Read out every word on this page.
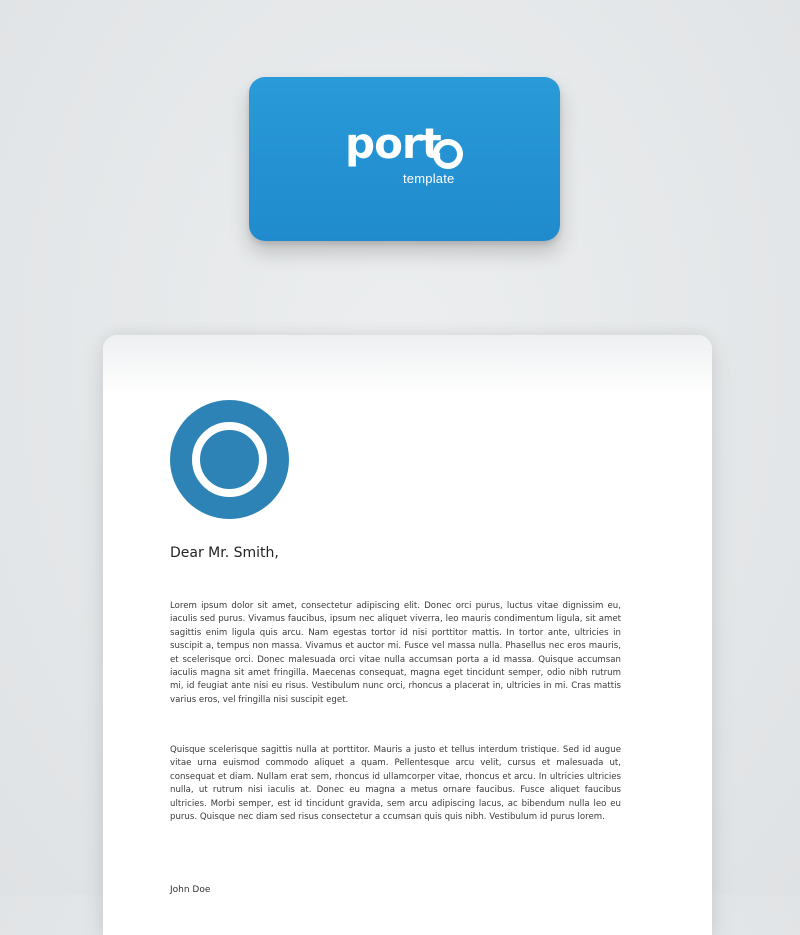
port
template
Dear Mr. Smith,

Lorem ipsum dolor sit amet, consectetur adipiscing elit. Donec orci purus, luctus vitae dignissim eu, iaculis sed purus. Vivamus faucibus, ipsum nec aliquet viverra, leo mauris condimentum ligula, sit amet sagittis enim ligula quis arcu. Nam egestas tortor id nisi porttitor mattis. In tortor ante, ultricies in suscipit a, tempus non massa. Vivamus et auctor mi. Fusce vel massa nulla. Phasellus nec eros mauris, et scelerisque orci. Donec malesuada orci vitae nulla accumsan porta a id massa. Quisque accumsan iaculis magna sit amet fringilla. Maecenas consequat, magna eget tincidunt semper, odio nibh rutrum mi, id feugiat ante nisi eu risus. Vestibulum nunc orci, rhoncus a placerat in, ultricies in mi. Cras mattis varius eros, vel fringilla nisi suscipit eget.

Quisque scelerisque sagittis nulla at porttitor. Mauris a justo et tellus interdum tristique. Sed id augue vitae urna euismod commodo aliquet a quam. Pellentesque arcu velit, cursus et malesuada ut, consequat et diam. Nullam erat sem, rhoncus id ullamcorper vitae, rhoncus et arcu. In ultricies ultricies nulla, ut rutrum nisi iaculis at. Donec eu magna a metus ornare faucibus. Fusce aliquet faucibus ultricies. Morbi semper, est id tincidunt gravida, sem arcu adipiscing lacus, ac bibendum nulla leo eu purus. Quisque nec diam sed risus consectetur a ccumsan quis quis nibh. Vestibulum id purus lorem.

John Doe
